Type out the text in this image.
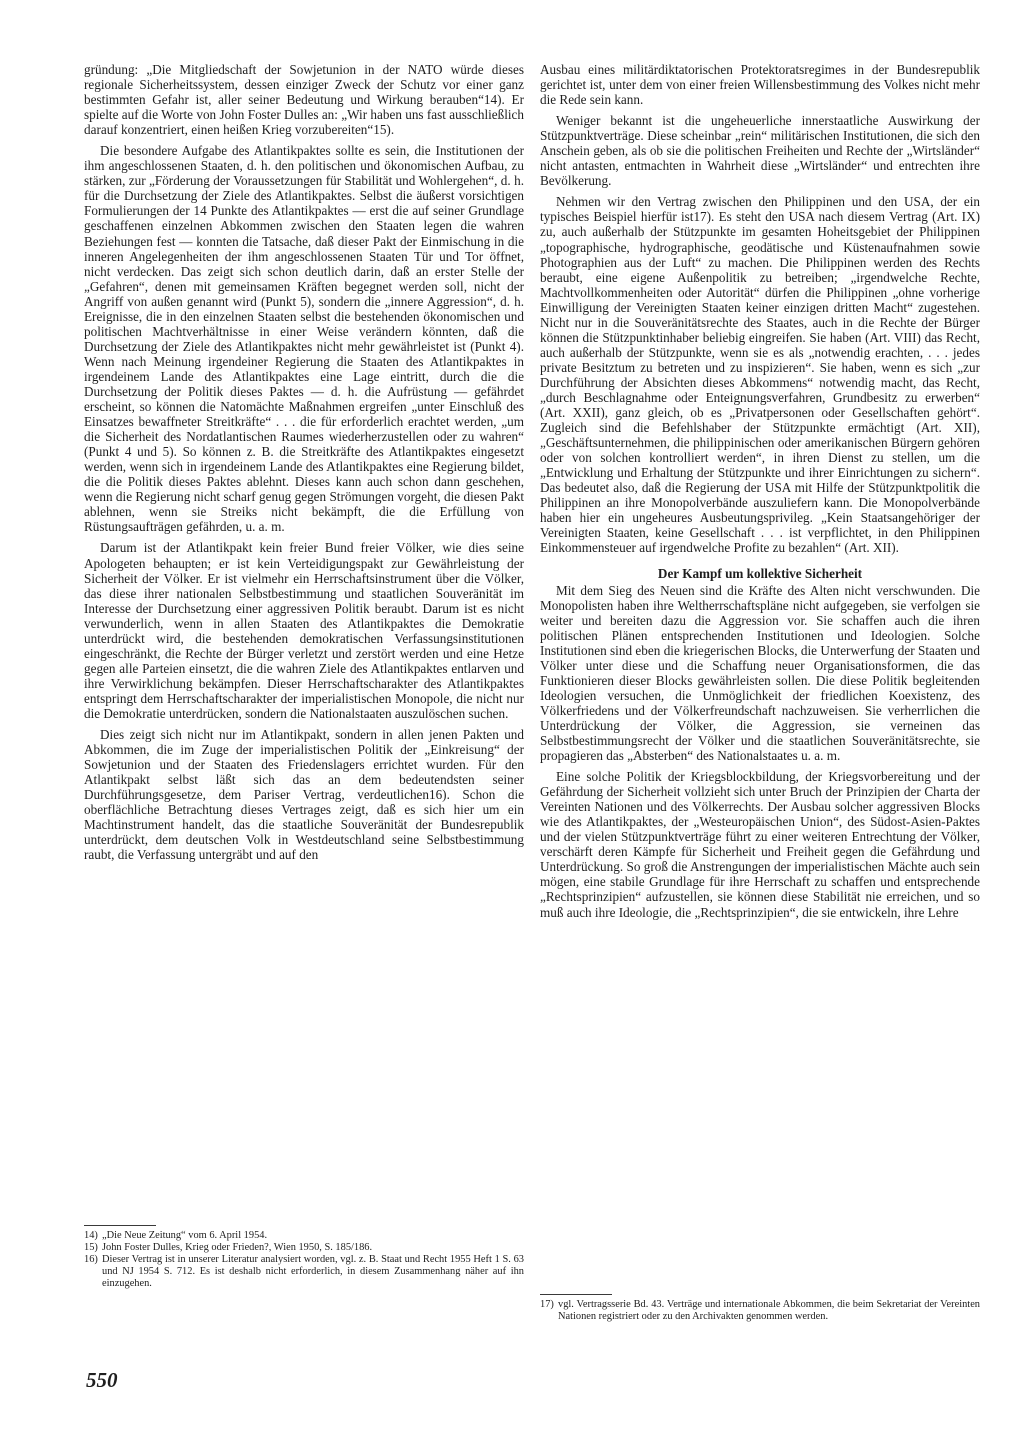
gründung: „Die Mitgliedschaft der Sowjetunion in der NATO würde dieses regionale Sicherheitssystem, dessen einziger Zweck der Schutz vor einer ganz bestimmten Gefahr ist, aller seiner Bedeutung und Wirkung berauben“14). Er spielte auf die Worte von John Foster Dulles an: „Wir haben uns fast ausschließlich darauf konzentriert, einen heißen Krieg vorzubereiten“15).

Die besondere Aufgabe des Atlantikpaktes sollte es sein, die Institutionen der ihm angeschlossenen Staaten, d. h. den politischen und ökonomischen Aufbau, zu stärken, zur „Förderung der Voraussetzungen für Stabilität und Wohlergehen“, d. h. für die Durchsetzung der Ziele des Atlantikpaktes. Selbst die äußerst vorsichtigen Formulierungen der 14 Punkte des Atlantikpaktes — erst die auf seiner Grundlage geschaffenen einzelnen Abkommen zwischen den Staaten legen die wahren Beziehungen fest — konnten die Tatsache, daß dieser Pakt der Einmischung in die inneren Angelegenheiten der ihm angeschlossenen Staaten Tür und Tor öffnet, nicht verdecken. Das zeigt sich schon deutlich darin, daß an erster Stelle der „Gefahren“, denen mit gemeinsamen Kräften begegnet werden soll, nicht der Angriff von außen genannt wird (Punkt 5), sondern die „innere Aggression“, d. h. Ereignisse, die in den einzelnen Staaten selbst die bestehenden ökonomischen und politischen Machtverhältnisse in einer Weise verändern könnten, daß die Durchsetzung der Ziele des Atlantikpaktes nicht mehr gewährleistet ist (Punkt 4). Wenn nach Meinung irgendeiner Regierung die Staaten des Atlantikpaktes in irgendeinem Lande des Atlantikpaktes eine Lage eintritt, durch die die Durchsetzung der Politik dieses Paktes — d. h. die Aufrüstung — gefährdet erscheint, so können die Natomächte Maßnahmen ergreifen „unter Einschluß des Einsatzes bewaffneter Streitkräfte“ . . . die für erforderlich erachtet werden, „um die Sicherheit des Nordatlantischen Raumes wiederherzustellen oder zu wahren“ (Punkt 4 und 5). So können z. B. die Streitkräfte des Atlantikpaktes eingesetzt werden, wenn sich in irgendeinem Lande des Atlantikpaktes eine Regierung bildet, die die Politik dieses Paktes ablehnt. Dieses kann auch schon dann geschehen, wenn die Regierung nicht scharf genug gegen Strömungen vorgeht, die diesen Pakt ablehnen, wenn sie Streiks nicht bekämpft, die die Erfüllung von Rüstungsaufträgen gefährden, u. a. m.

Darum ist der Atlantikpakt kein freier Bund freier Völker, wie dies seine Apologeten behaupten; er ist kein Verteidigungspakt zur Gewährleistung der Sicherheit der Völker. Er ist vielmehr ein Herrschaftsinstrument über die Völker, das diese ihrer nationalen Selbstbestimmung und staatlichen Souveränität im Interesse der Durchsetzung einer aggressiven Politik beraubt. Darum ist es nicht verwunderlich, wenn in allen Staaten des Atlantikpaktes die Demokratie unterdrückt wird, die bestehenden demokratischen Verfassungsinstitutionen eingeschränkt, die Rechte der Bürger verletzt und zerstört werden und eine Hetze gegen alle Parteien einsetzt, die die wahren Ziele des Atlantikpaktes entlarven und ihre Verwirklichung bekämpfen. Dieser Herrschaftscharakter des Atlantikpaktes entspringt dem Herrschaftscharakter der imperialistischen Monopole, die nicht nur die Demokratie unterdrücken, sondern die Nationalstaaten auszulöschen suchen.

Dies zeigt sich nicht nur im Atlantikpakt, sondern in allen jenen Pakten und Abkommen, die im Zuge der imperialistischen Politik der „Einkreisung“ der Sowjetunion und der Staaten des Friedenslagers errichtet wurden. Für den Atlantikpakt selbst läßt sich das an dem bedeutendsten seiner Durchführungsgesetze, dem Pariser Vertrag, verdeutlichen16). Schon die oberflächliche Betrachtung dieses Vertrages zeigt, daß es sich hier um ein Machtinstrument handelt, das die staatliche Souveränität der Bundesrepublik unterdrückt, dem deutschen Volk in Westdeutschland seine Selbstbestimmung raubt, die Verfassung untergräbt und auf den

14) „Die Neue Zeitung“ vom 6. April 1954.

15) John Foster Dulles, Krieg oder Frieden?, Wien 1950, S. 185/186.

16) Dieser Vertrag ist in unserer Literatur analysiert worden, vgl. z. B. Staat und Recht 1955 Heft 1 S. 63 und NJ 1954 S. 712. Es ist deshalb nicht erforderlich, in diesem Zusammenhang näher auf ihn einzugehen.

Ausbau eines militärdiktatorischen Protektoratsregimes in der Bundesrepublik gerichtet ist, unter dem von einer freien Willensbestimmung des Volkes nicht mehr die Rede sein kann.

Weniger bekannt ist die ungeheuerliche innerstaatliche Auswirkung der Stützpunktverträge. Diese scheinbar „rein“ militärischen Institutionen, die sich den Anschein geben, als ob sie die politischen Freiheiten und Rechte der „Wirtsländer“ nicht antasten, entmachten in Wahrheit diese „Wirtsländer“ und entrechten ihre Bevölkerung.

Nehmen wir den Vertrag zwischen den Philippinen und den USA, der ein typisches Beispiel hierfür ist17). Es steht den USA nach diesem Vertrag (Art. IX) zu, auch außerhalb der Stützpunkte im gesamten Hoheitsgebiet der Philippinen „topographische, hydrographische, geodätische und Küstenaufnahmen sowie Photographien aus der Luft“ zu machen. Die Philippinen werden des Rechts beraubt, eine eigene Außenpolitik zu betreiben; „irgendwelche Rechte, Machtvollkommenheiten oder Autorität“ dürfen die Philippinen „ohne vorherige Einwilligung der Vereinigten Staaten keiner einzigen dritten Macht“ zugestehen. Nicht nur in die Souveränitätsrechte des Staates, auch in die Rechte der Bürger können die Stützpunktinhaber beliebig eingreifen. Sie haben (Art. VIII) das Recht, auch außerhalb der Stützpunkte, wenn sie es als „notwendig erachten, . . . jedes private Besitztum zu betreten und zu inspizieren“. Sie haben, wenn es sich „zur Durchführung der Absichten dieses Abkommens“ notwendig macht, das Recht, „durch Beschlagnahme oder Enteignungsverfahren, Grundbesitz zu erwerben“ (Art. XXII), ganz gleich, ob es „Privatpersonen oder Gesellschaften gehört“. Zugleich sind die Befehlshaber der Stützpunkte ermächtigt (Art. XII), „Geschäftsunternehmen, die philippinischen oder amerikanischen Bürgern gehören oder von solchen kontrolliert werden“, in ihren Dienst zu stellen, um die „Entwicklung und Erhaltung der Stützpunkte und ihrer Einrichtungen zu sichern“. Das bedeutet also, daß die Regierung der USA mit Hilfe der Stützpunktpolitik die Philippinen an ihre Monopolverbände auszuliefern kann. Die Monopolverbände haben hier ein ungeheures Ausbeutungsprivileg. „Kein Staatsangehöriger der Vereinigten Staaten, keine Gesellschaft . . . ist verpflichtet, in den Philippinen Einkommensteuer auf irgendwelche Profite zu bezahlen“ (Art. XII).

Der Kampf um kollektive Sicherheit

Mit dem Sieg des Neuen sind die Kräfte des Alten nicht verschwunden. Die Monopolisten haben ihre Weltherrschaftspläne nicht aufgegeben, sie verfolgen sie weiter und bereiten dazu die Aggression vor. Sie schaffen auch die ihren politischen Plänen entsprechenden Institutionen und Ideologien. Solche Institutionen sind eben die kriegerischen Blocks, die Unterwerfung der Staaten und Völker unter diese und die Schaffung neuer Organisationsformen, die das Funktionieren dieser Blocks gewährleisten sollen. Die diese Politik begleitenden Ideologien versuchen, die Unmöglichkeit der friedlichen Koexistenz, des Völkerfriedens und der Völkerfreundschaft nachzuweisen. Sie verherrlichen die Unterdrückung der Völker, die Aggression, sie verneinen das Selbstbestimmungsrecht der Völker und die staatlichen Souveränitätsrechte, sie propagieren das „Absterben“ des Nationalstaates u. a. m.

Eine solche Politik der Kriegsblockbildung, der Kriegsvorbereitung und der Gefährdung der Sicherheit vollzieht sich unter Bruch der Prinzipien der Charta der Vereinten Nationen und des Völkerrechts. Der Ausbau solcher aggressiven Blocks wie des Atlantikpaktes, der „Westeuropäischen Union“, des Südost-Asien-Paktes und der vielen Stützpunktverträge führt zu einer weiteren Entrechtung der Völker, verschärft deren Kämpfe für Sicherheit und Freiheit gegen die Gefährdung und Unterdrückung. So groß die Anstrengungen der imperialistischen Mächte auch sein mögen, eine stabile Grundlage für ihre Herrschaft zu schaffen und entsprechende „Rechtsprinzipien“ aufzustellen, sie können diese Stabilität nie erreichen, und so muß auch ihre Ideologie, die „Rechtsprinzipien“, die sie entwickeln, ihre Lehre

17) vgl. Vertragsserie Bd. 43. Verträge und internationale Abkommen, die beim Sekretariat der Vereinten Nationen registriert oder zu den Archivakten genommen werden.

550
